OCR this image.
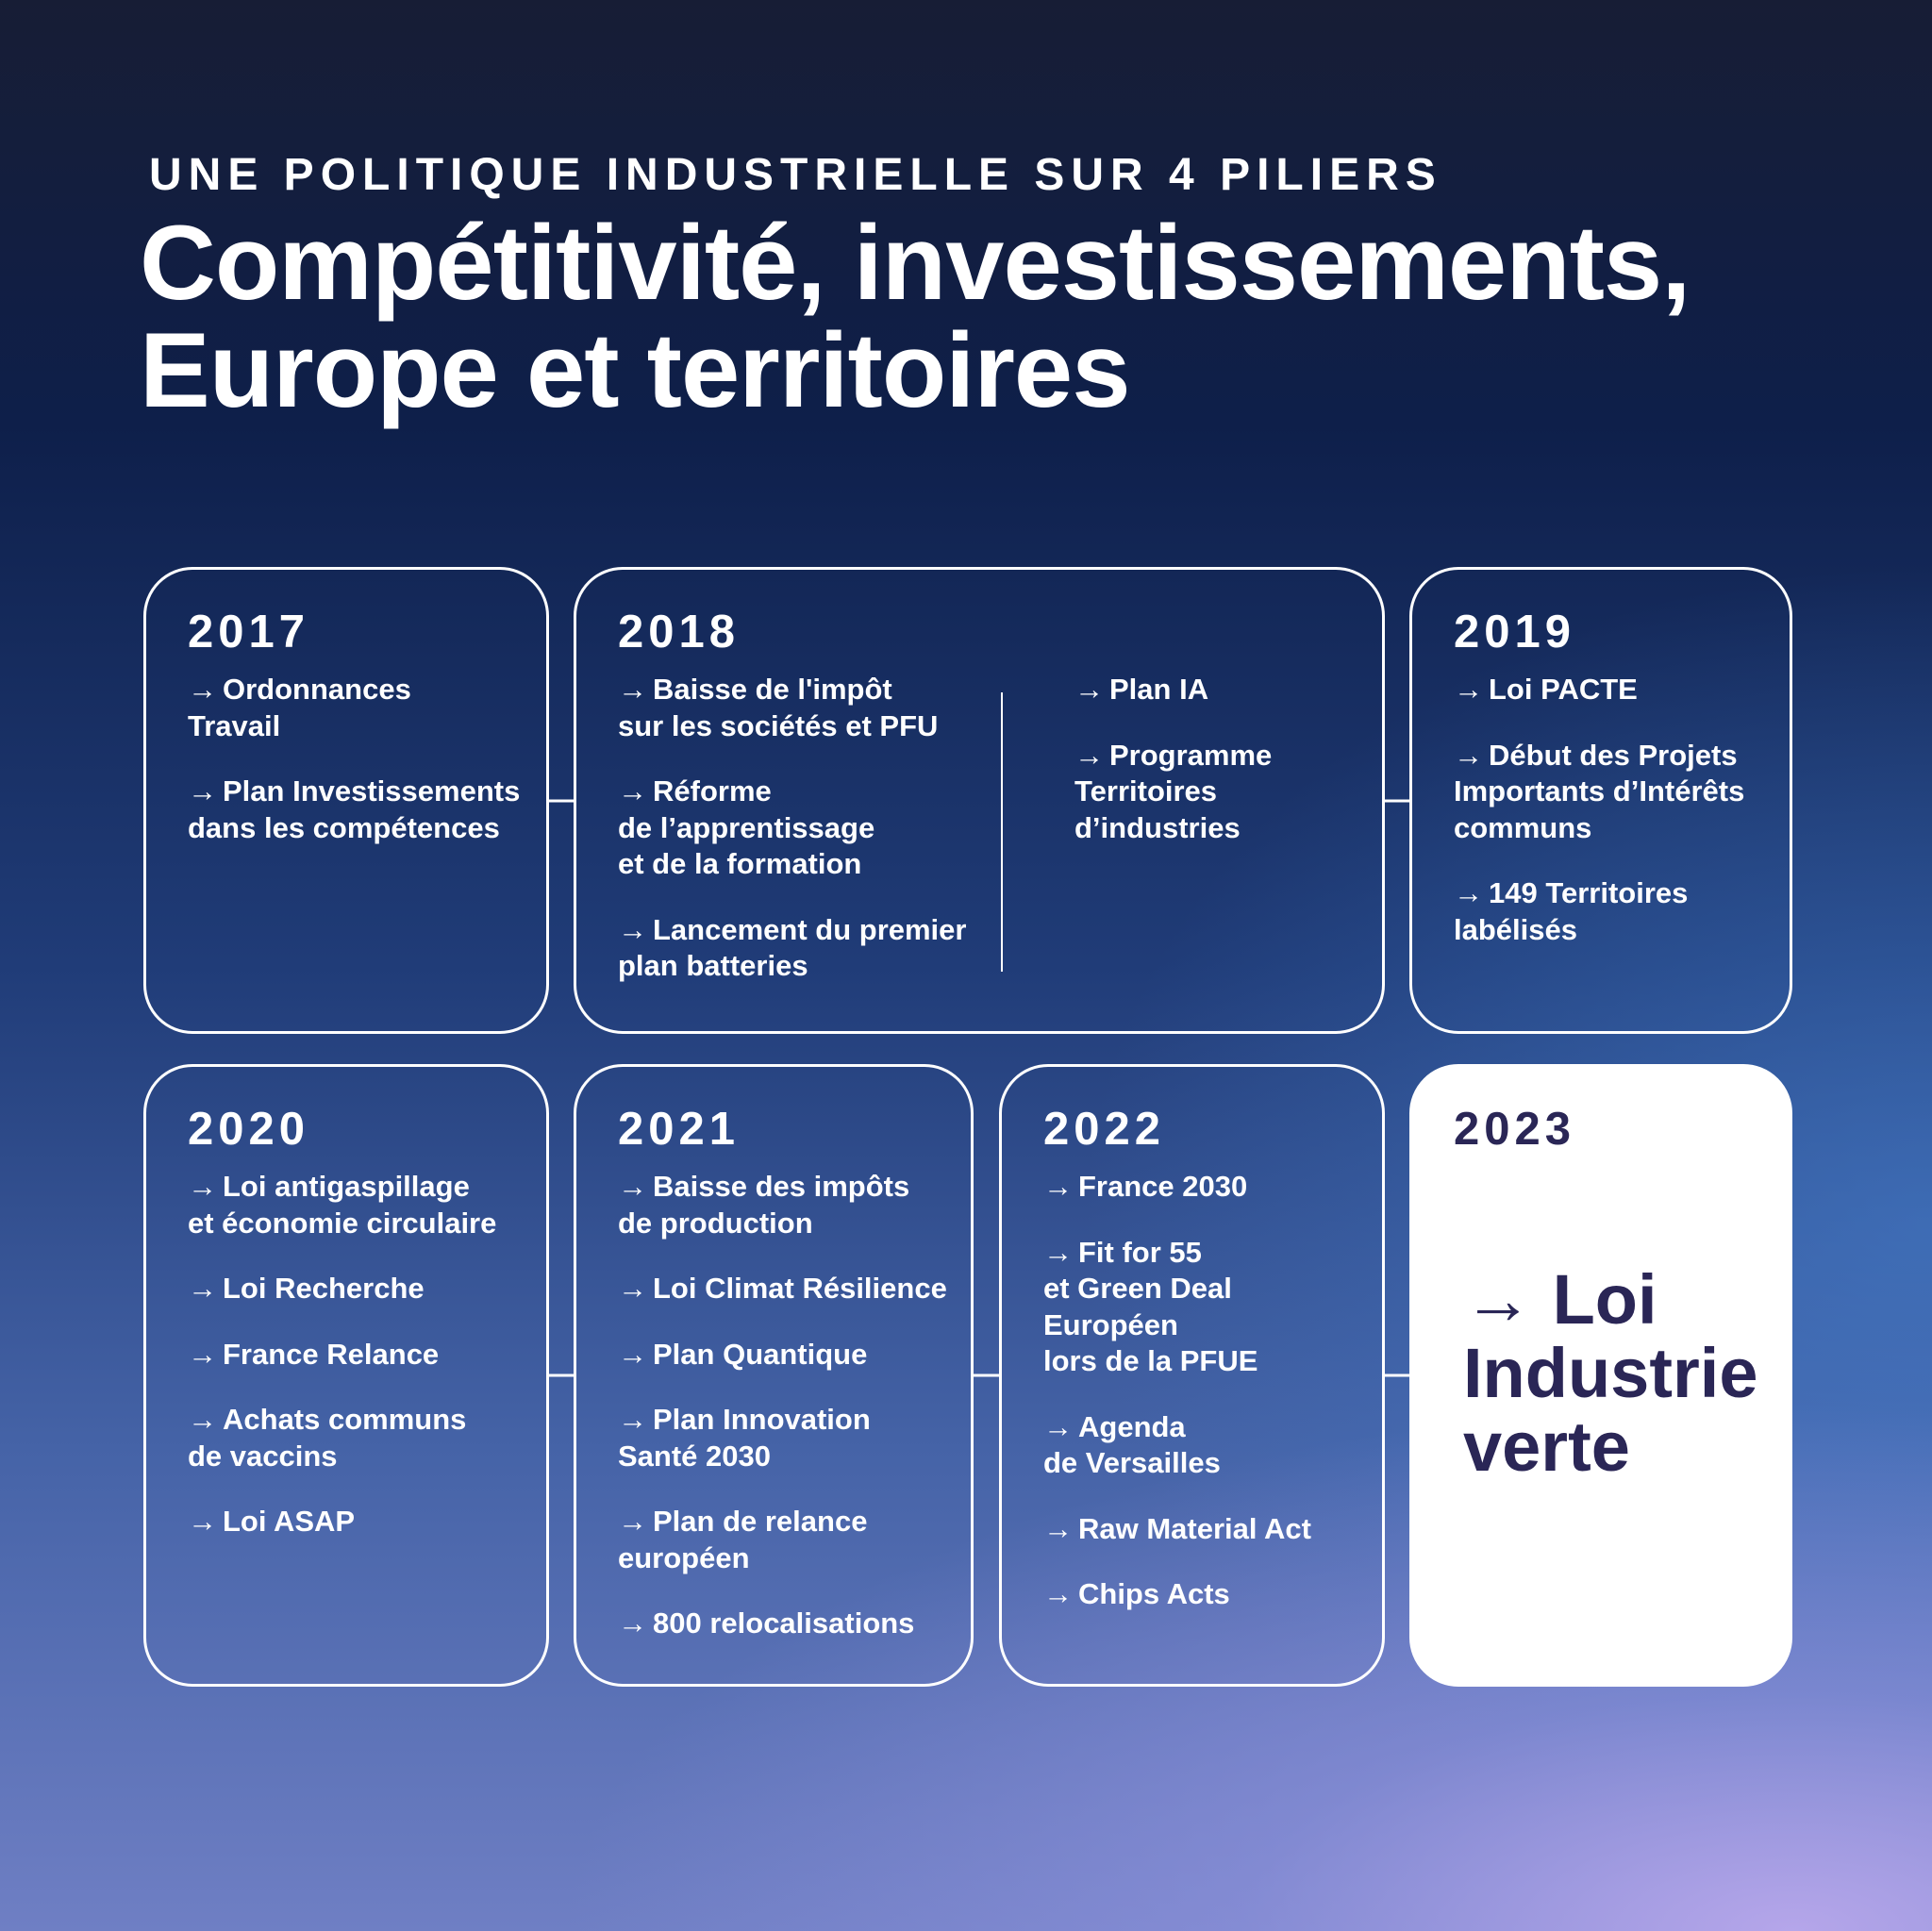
UNE POLITIQUE INDUSTRIELLE SUR 4 PILIERS
Compétitivité, investissements,
Europe et territoires
2017
→ Ordonnances
Travail
→ Plan Investissements
dans les compétences
2018
→ Baisse de l'impôt
sur les sociétés et PFU
→ Réforme
de l’apprentissage
et de la formation
→ Lancement du premier
plan batteries
→ Plan IA
→ Programme
Territoires
d’industries
2019
→ Loi PACTE
→ Début des Projets
Importants d’Intérêts
communs
→ 149 Territoires
labélisés
2020
→ Loi antigaspillage
et économie circulaire
→ Loi Recherche
→ France Relance
→ Achats communs
de vaccins
→ Loi ASAP
2021
→ Baisse des impôts
de production
→ Loi Climat Résilience
→ Plan Quantique
→ Plan Innovation
Santé 2030
→ Plan de relance
européen
→ 800 relocalisations
2022
→ France 2030
→ Fit for 55
et Green Deal
Européen
lors de la PFUE
→ Agenda
de Versailles
→ Raw Material Act
→ Chips Acts
2023
→ Loi
Industrie
verte
